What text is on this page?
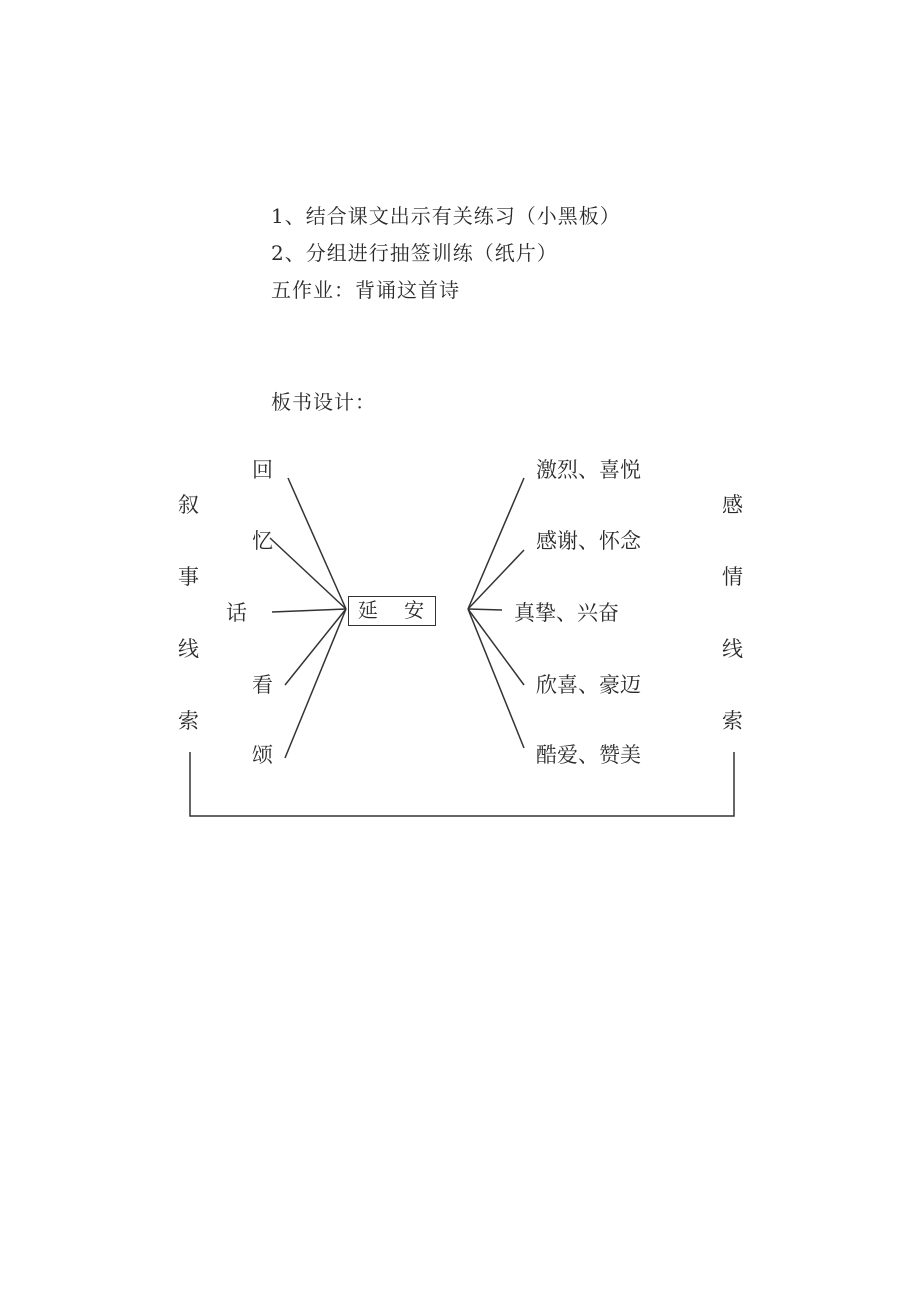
1、结合课文出示有关练习（小黑板）
2、分组进行抽签训练（纸片）
五作业：背诵这首诗
板书设计：
延 安
回
忆
话
看
颂
激烈、喜悦
感谢、怀念
真挚、兴奋
欣喜、豪迈
酷爱、赞美
叙
事
线
索
感
情
线
索
